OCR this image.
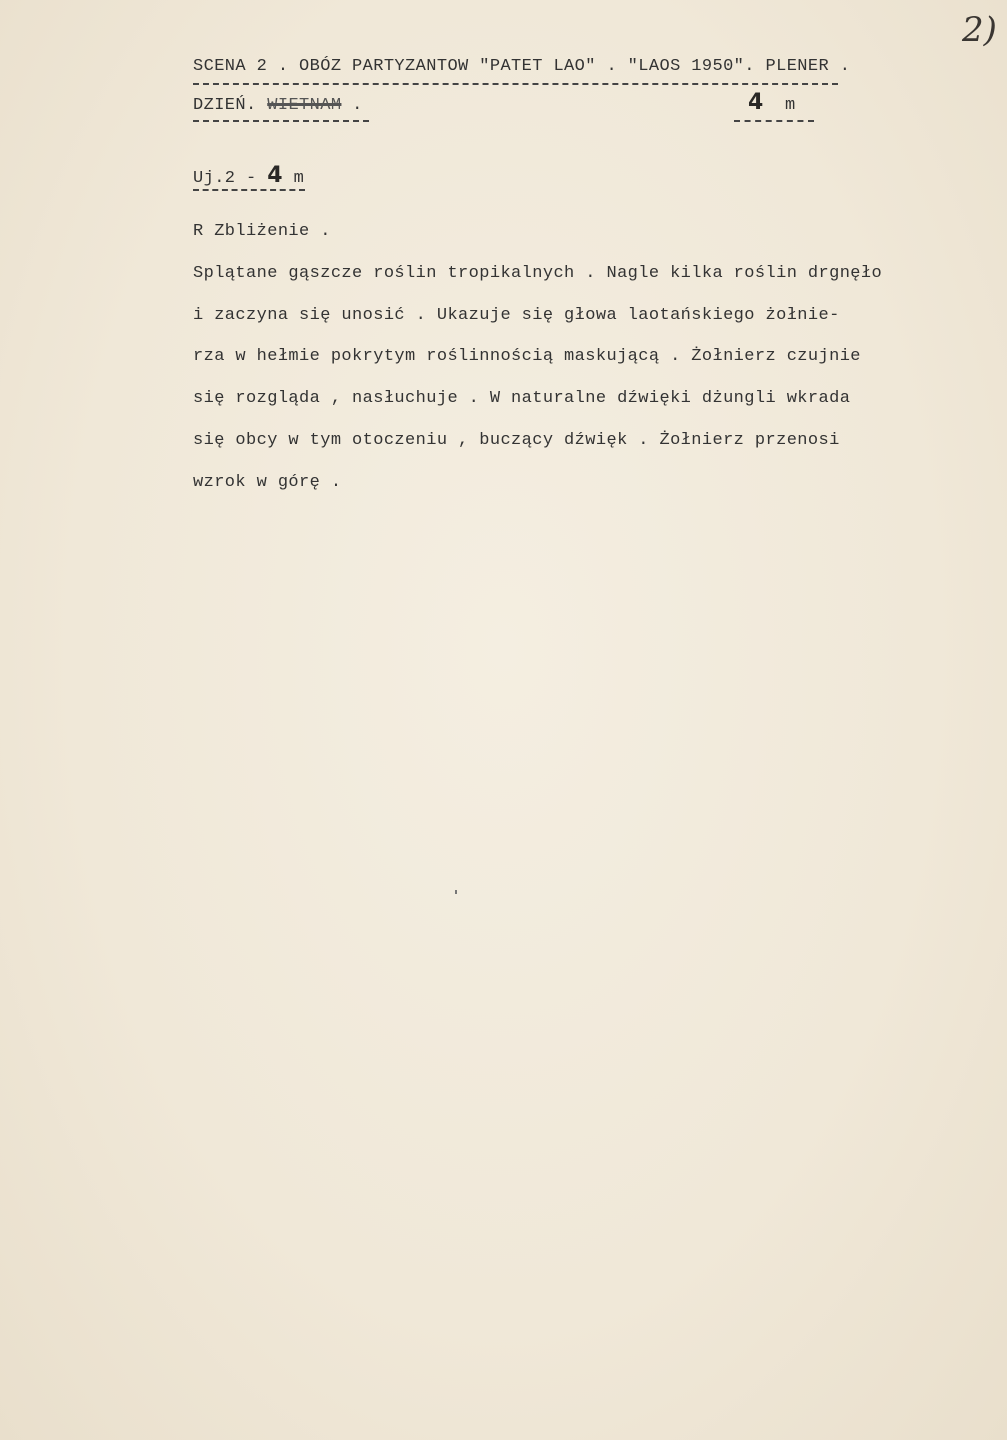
2)
SCENA 2 . OBÓZ PARTYZANTOW "PATET LAO" . "LAOS 1950". PLENER .
DZIEŃ. WIETNAM .	4 m
Uj.2 - 4 m
R Zbliżenie .
Splątane gąszcze roślin tropikalnych . Nagle kilka roślin drgnęło
i zaczyna się unosić . Ukazuje się głowa laotańskiego żołnie-
rza w hełmie pokrytym roślinnością maskującą . Żołnierz czujnie
się rozgląda , nasłuchuje . W naturalne dźwięki dżungli wkrada
się obcy w tym otoczeniu , buczący dźwięk . Żołnierz przenosi
wzrok w górę .
